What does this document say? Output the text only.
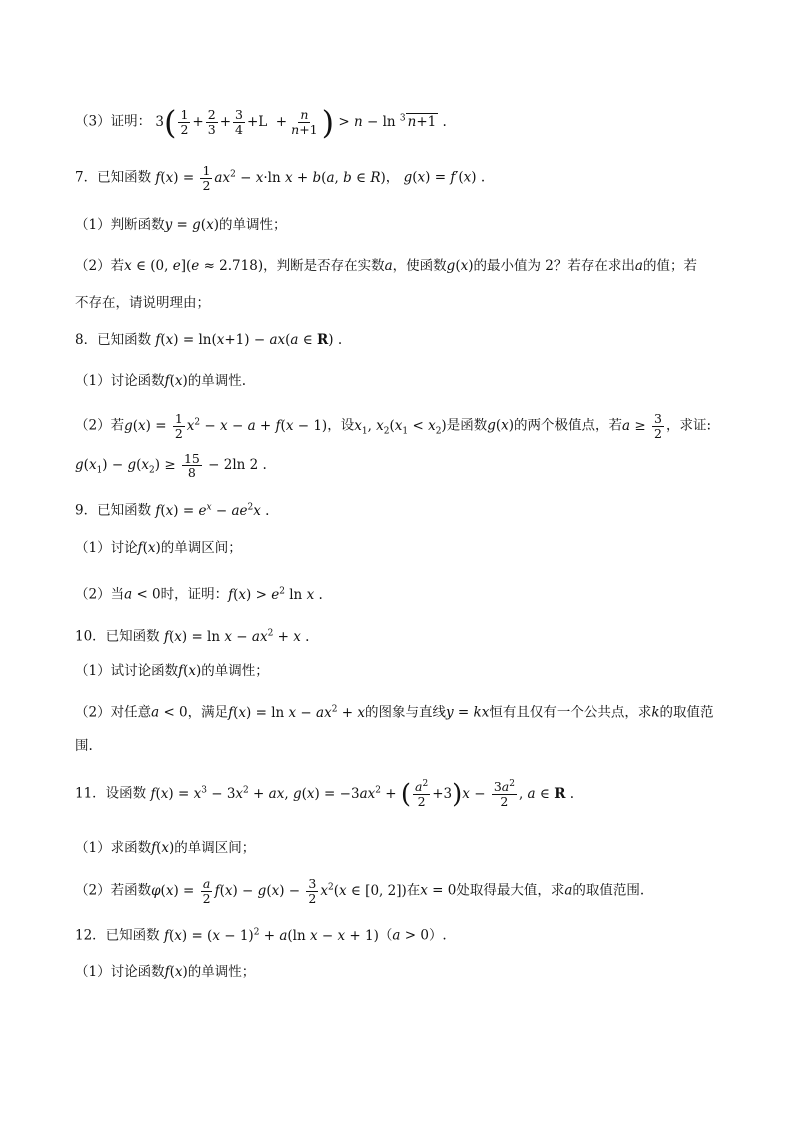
（3）证明： $3( \frac{1}{2} + \frac{2}{3} + \frac{3}{4} +L + \frac{n}{n+1}$ ) > n − ln $^3$ n+1 .
7．已知函数 $f(x) = \frac{1}{2} ax^2 - x\cdot\ln$ x + b(a, b ∈ R)， g(x) = f′(x) .
（1）判断函数y = g(x)的单调性；
（2）若x ∈ (0, e](e ≈ 2.718)，判断是否存在实数a，使函数g(x)的最小值为 2？若存在求出a的值；若
不存在，请说明理由；
8．已知函数 f(x) = ln(x+1) − ax(a ∈ R) .
（1）讨论函数f(x)的单调性.
（2）若$g(x) = \frac{1}{2} x^2 - x - a + f(x - 1)$，设$x_1$, $x_2(x_1 < x_2)$是函数g(x)的两个极值点，若$a \ge \frac{3}{2}$ ，求证:
$g(x_1) - g(x_2) \ge \frac{15}{8} - 2\ln$ 2 .
9．已知函数 $f(x) = e^x - ae^2x$ .
（1）讨论f(x)的单调区间；
（2）当a < 0时，证明：$f(x) > e^2$ ln x .
10．已知函数 $f(x) = \ln x - ax^2 + x$ .
（1）试讨论函数f(x)的单调性；
（2）对任意a < 0，满足$f(x) = \ln x - ax^2 + x$的图象与直线y = kx恒有且仅有一个公共点，求k的取值范
围.
11．设函数 $f(x) = x^3 - 3x^2$ + ax, $g(x) = -3ax^2$ + ( $\frac{a^2}{2} +3)x - \frac{3a^2}{2}$ , a ∈ R .
（1）求函数f(x)的单调区间；
（2）若函数$\varphi(x) = \frac{a}{2} f(x) - g(x) - \frac{3}{2} x^2(x$ ∈ [0, 2])在x = 0处取得最大值，求a的取值范围.
12．已知函数 $f(x) = (x - 1)^2 + a(\ln$ x − x + 1)（a > 0）.
（1）讨论函数f(x)的单调性；
